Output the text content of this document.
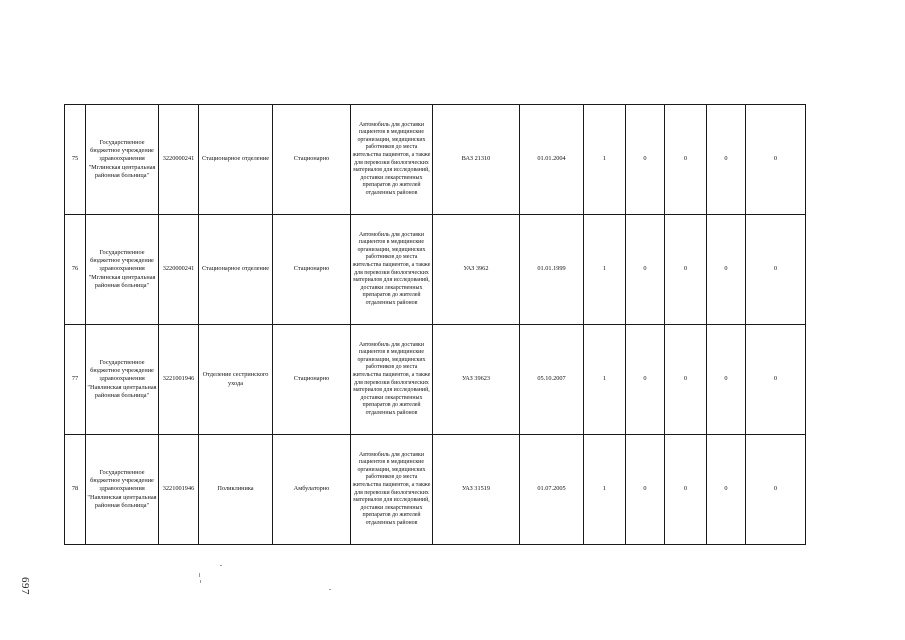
75	Государственное бюджетное учреждение здравоохранения "Мглинская центральная районная больница"	3220000241	Стационарное отделение	Стационарно	Автомобиль для доставки пациентов в медицинские организации, медицинских работников до места жительства пациентов, а также для перевозки биологических материалов для исследований, доставки лекарственных препаратов до жителей отдаленных районов	ВАЗ 21310	01.01.2004	1	0	0	0	0
76	Государственное бюджетное учреждение здравоохранения "Мглинская центральная районная больница"	3220000241	Стационарное отделение	Стационарно	Автомобиль для доставки пациентов в медицинские организации, медицинских работников до места жительства пациентов, а также для перевозки биологических материалов для исследований, доставки лекарственных препаратов до жителей отдаленных районов	УАЗ 3962	01.01.1999	1	0	0	0	0
77	Государственное бюджетное учреждение здравоохранения "Навлинская центральная районная больница"	3221001946	Отделение сестринского ухода	Стационарно	Автомобиль для доставки пациентов в медицинские организации, медицинских работников до места жительства пациентов, а также для перевозки биологических материалов для исследований, доставки лекарственных препаратов до жителей отдаленных районов	УАЗ 39623	05.10.2007	1	0	0	0	0
78	Государственное бюджетное учреждение здравоохранения "Навлинская центральная районная больница"	3221001946	Поликлиника	Амбулаторно	Автомобиль для доставки пациентов в медицинские организации, медицинских работников до места жительства пациентов, а также для перевозки биологических материалов для исследований, доставки лекарственных препаратов до жителей отдаленных районов	УАЗ 31519	01.07.2005	1	0	0	0	0
697
